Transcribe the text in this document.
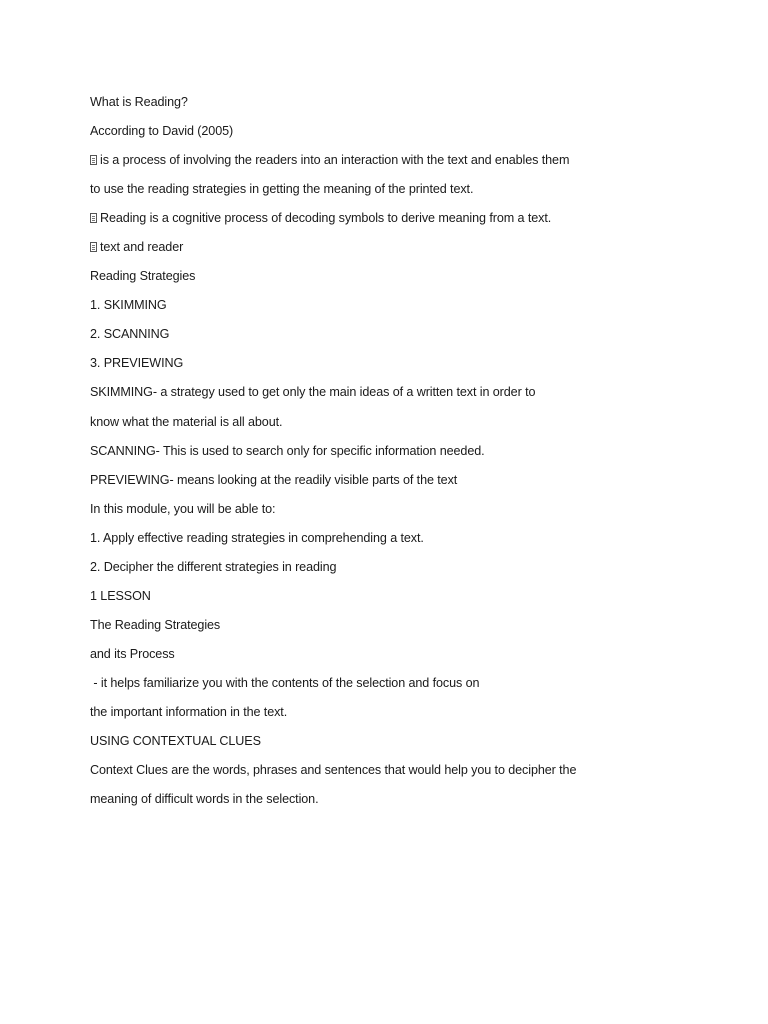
What is Reading?
According to David (2005)
is a process of involving the readers into an interaction with the text and enables them
to use the reading strategies in getting the meaning of the printed text.
Reading is a cognitive process of decoding symbols to derive meaning from a text.
text and reader
Reading Strategies
1. SKIMMING
2. SCANNING
3. PREVIEWING
SKIMMING- a strategy used to get only the main ideas of a written text in order to
know what the material is all about.
SCANNING- This is used to search only for specific information needed.
PREVIEWING- means looking at the readily visible parts of the text
In this module, you will be able to:
1. Apply effective reading strategies in comprehending a text.
2. Decipher the different strategies in reading
1 LESSON
The Reading Strategies
and its Process
- it helps familiarize you with the contents of the selection and focus on
the important information in the text.
USING CONTEXTUAL CLUES
Context Clues are the words, phrases and sentences that would help you to decipher the
meaning of difficult words in the selection.
